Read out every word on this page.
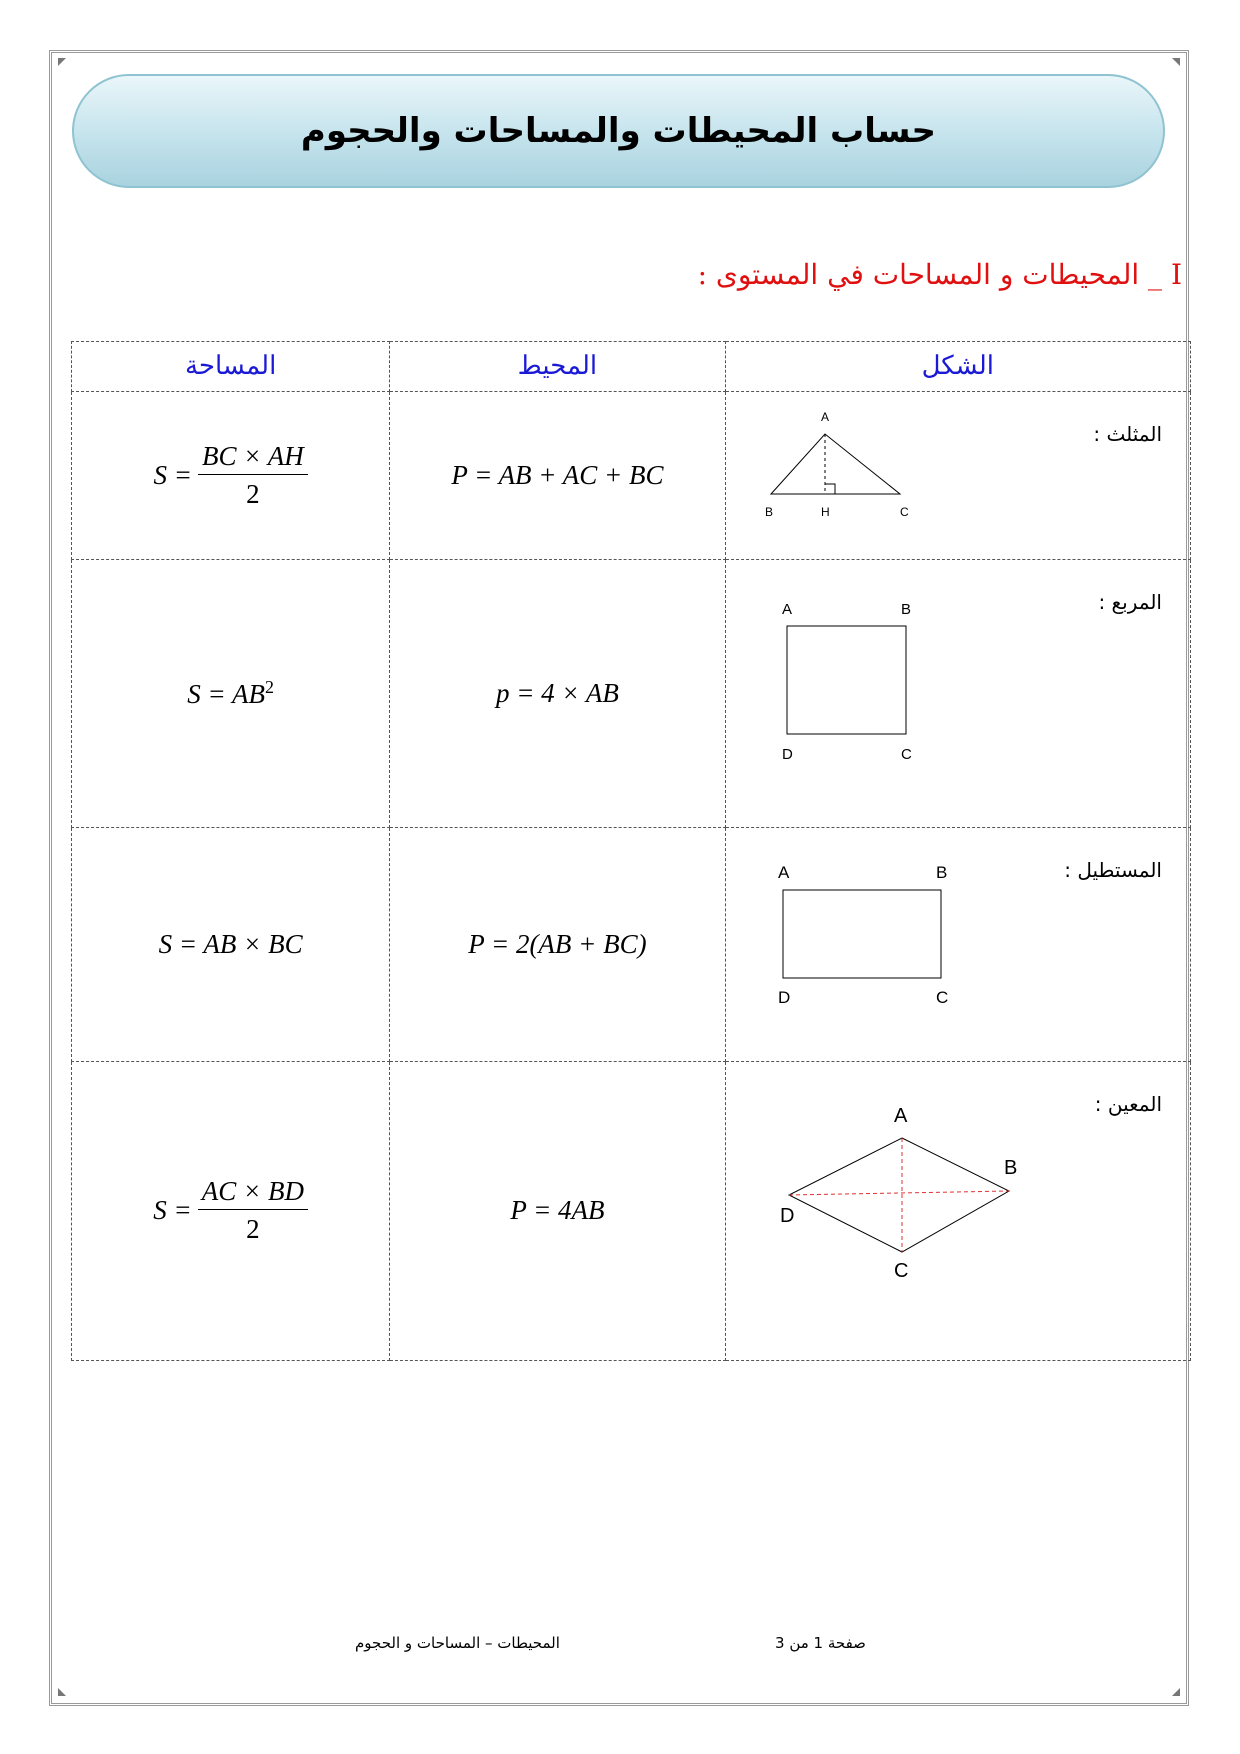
حساب المحيطات والمساحات والحجوم
I _ المحيطات و المساحات في المستوى :
المساحة	المحيط	الشكل
$S = \frac{BC \times AH}{2}$	P = AB + AC + BC	المثلث :
A
B H C

$S = AB^2$	p = 4 × AB	المربع :
A B
D C

S = AB × BC	P = 2(AB + BC)	المستطيل :
A B
D C

$S = \frac{AC \times BD}{2}$	P = 4AB	المعين :
A
B
C
D
المحيطات – المساحات و الحجوم	صفحة 1 من 3
